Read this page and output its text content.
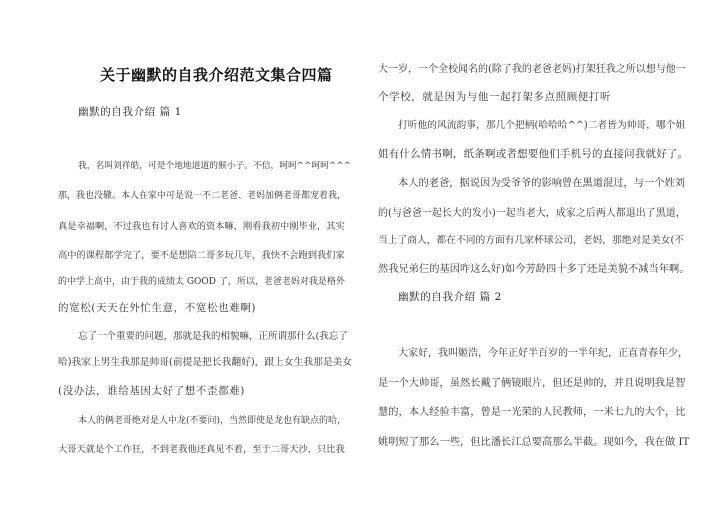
关于幽默的自我介绍范文集合四篇
幽默的自我介绍 篇 1
我，名叫刘祥皓，可是个地地道道的猴小子。不信，呵呵^^呵呵^^^
那，我也没辙。本人在家中可是说一不二老爸、老妈加俩老哥都宠着我，
真是幸福啊，不过我也有讨人喜欢的资本嘛，刚看我初中刚毕业，其实
高中的课程都学完了，要不是想陪二哥多玩几年，我快不会跑到我们家
的中学上高中，由于我的成绩太 GOOD 了，所以，老爸老妈对我是格外
的宽松(天天在外忙生意，不宽松也难啊)
忘了一个重要的问题，那就是我的相貌嘛，正所谓那什么(我忘了
哈)我家上男生我那是帅哥(前提是把长我翻好)，跟上女生我那是美女
(没办法，谁给基因太好了想不歪都难)
本人的俩老哥绝对是人中龙(不要问)，当然即使是龙也有缺点的哈，
大哥天就是个工作狂，不到老我他还真见不着，至于二哥天沙，只比我
大一岁，一个全校闻名的(除了我的老爸老妈)打架狂我之所以想与他一
个学校，就是因为与他一起打架多点照顾便打听
打听他的风流韵事，那几个把柄(哈哈哈^^)二者皆为帅哥，哪个姐
姐有什么情书啊，纸条啊或者想要他们手机号的直接问我就好了。
本人的老爸，据说因为受爷爷的影响曾在黑道混过，与一个姓刘
的(与爸爸一起长大的发小)一起当老大，成家之后两人都退出了黑道，
当上了商人，都在不同的方面有几家杯球公司，老妈，那绝对是美女(不
然我兄弟仨的基因咋这么好)如今芳龄四十多了还是美貌不减当年啊。
幽默的自我介绍 篇 2
大家好，我叫姬浩，今年正好半百岁的一半年纪，正直青春年少，
是一个大帅哥，虽然长戴了俩镜眼片，但还是帅的，并且说明我是智
慧的，本人经验丰富，曾是一光荣的人民教师，一米七九的大个，比
姚明短了那么一些，但比潘长江总要高那么半截。现如今，我在做 IT
